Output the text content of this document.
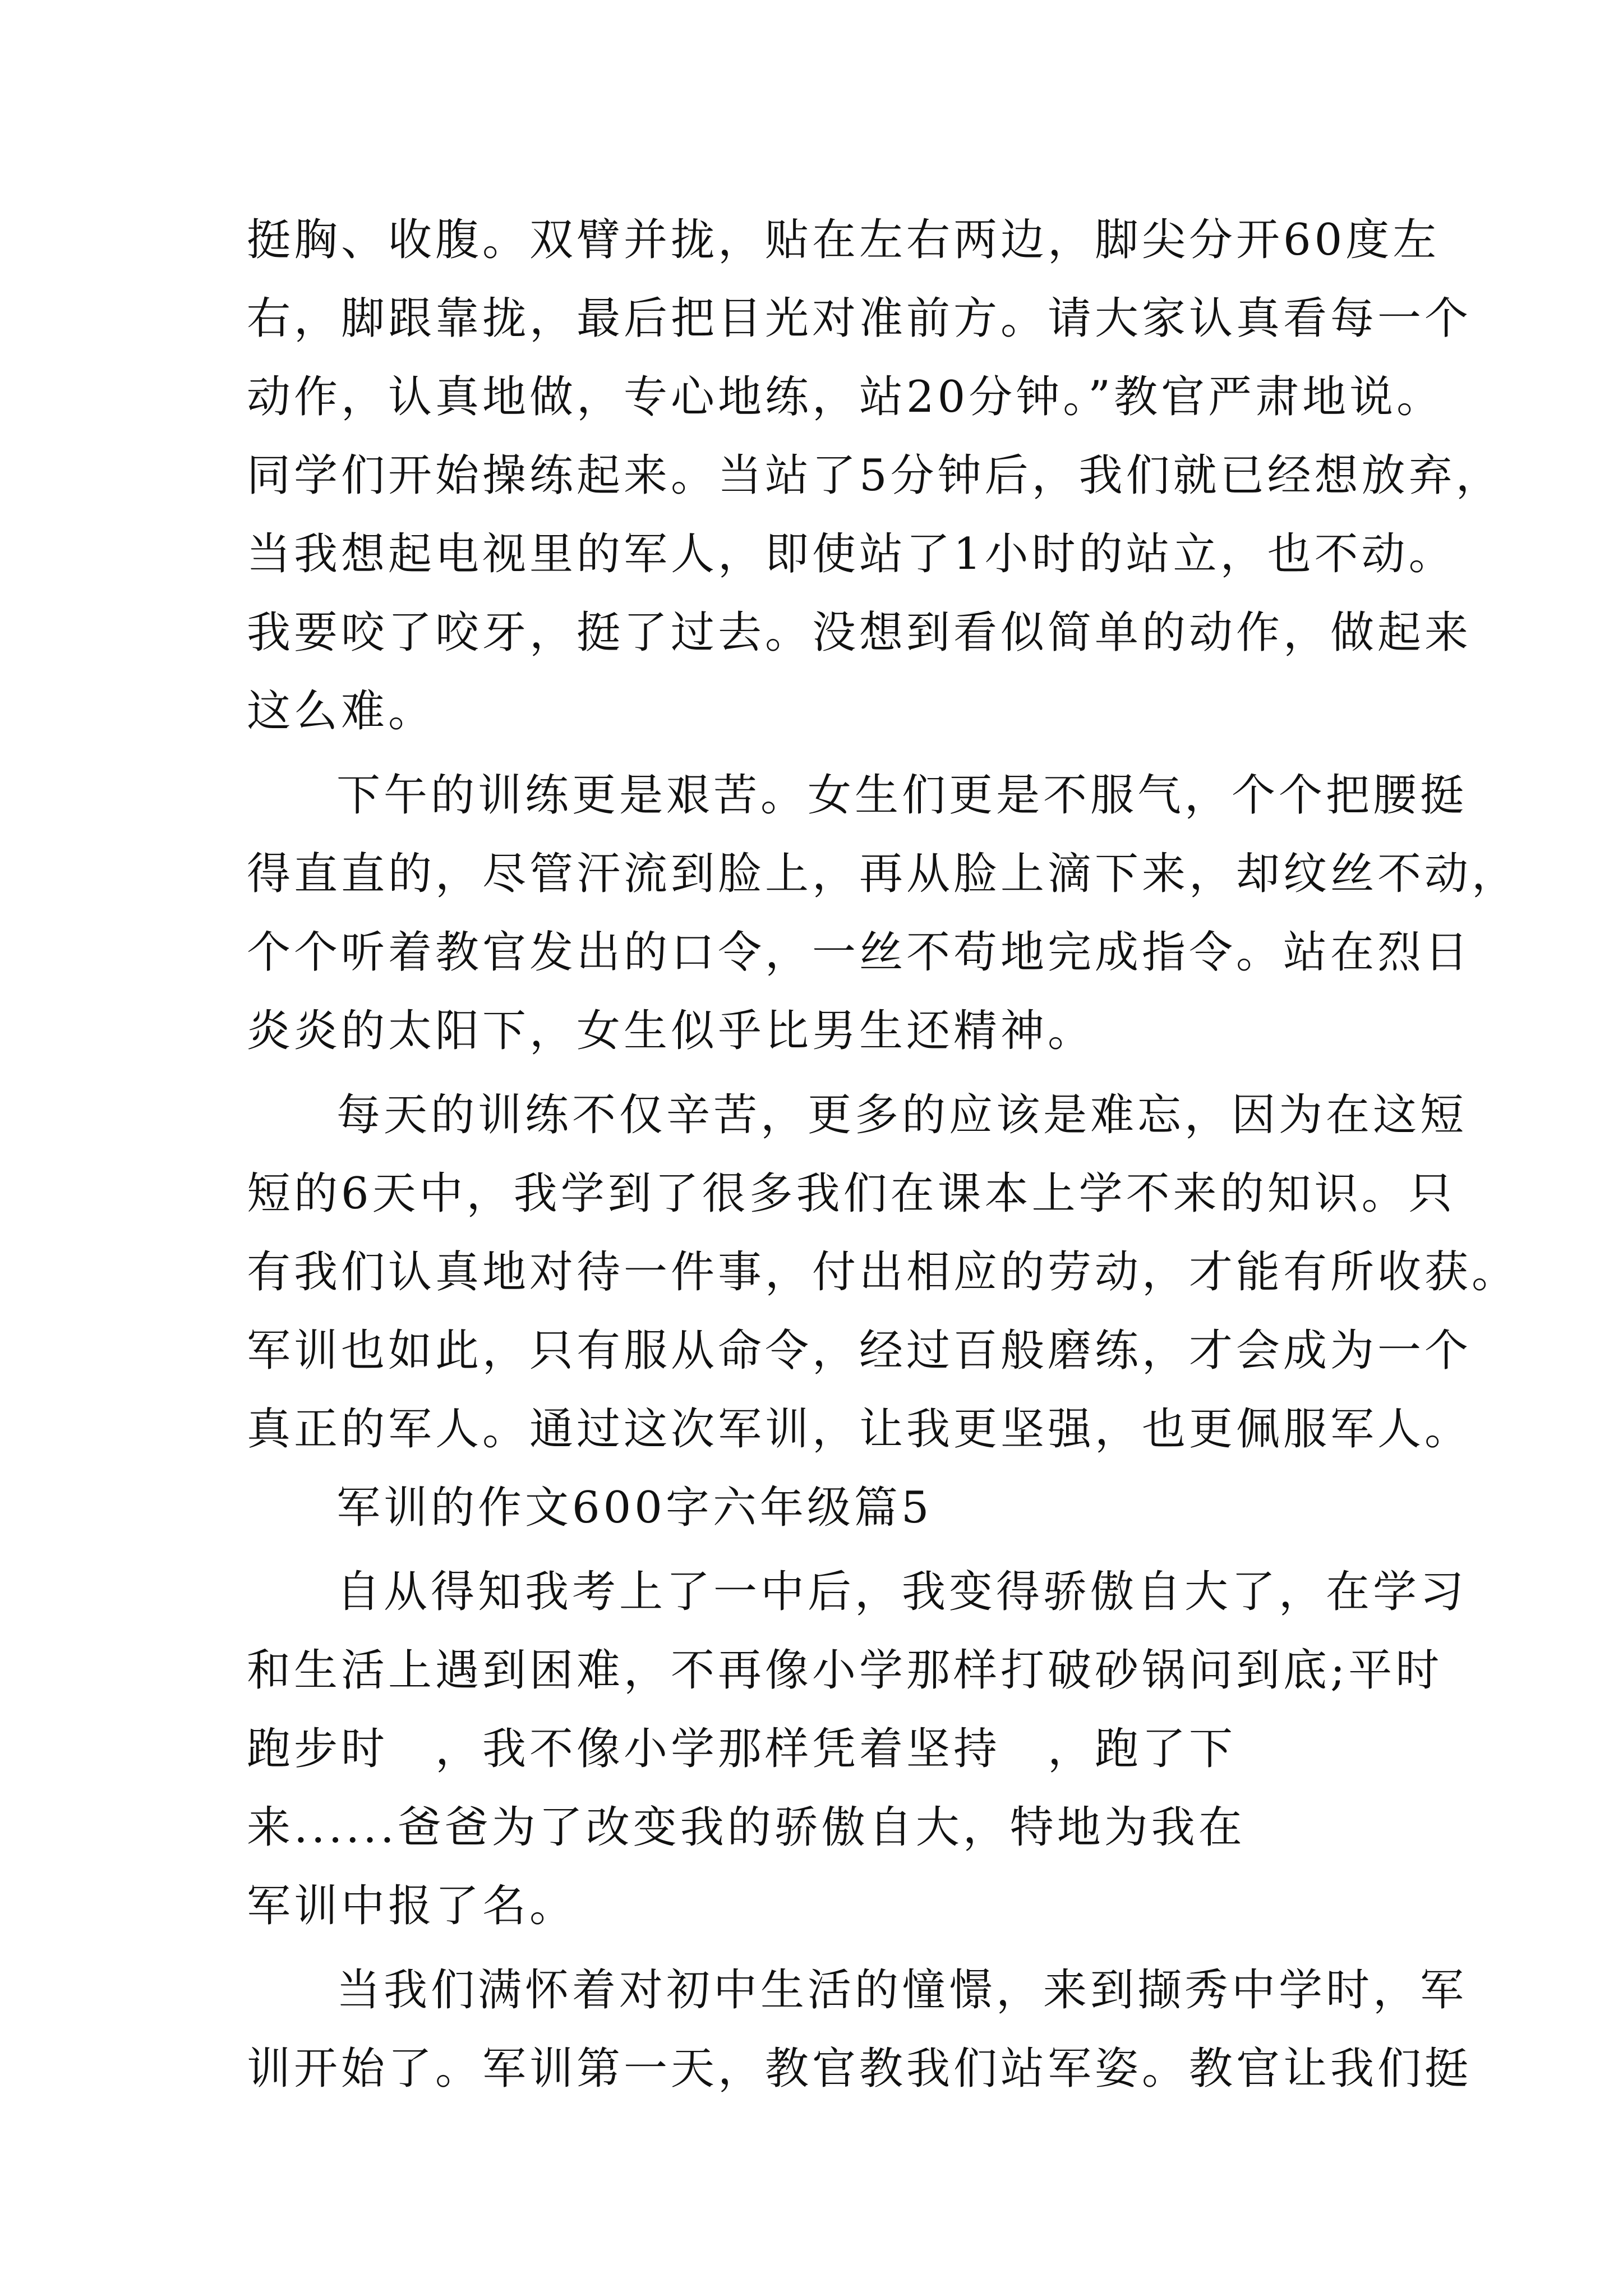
挺胸、收腹。双臂并拢，贴在左右两边，脚尖分开60度左
右，脚跟靠拢，最后把目光对准前方。请大家认真看每一个
动作，认真地做，专心地练，站20分钟。”教官严肃地说。
同学们开始操练起来。当站了5分钟后，我们就已经想放弃，
当我想起电视里的军人，即使站了1小时的站立，也不动。
我要咬了咬牙，挺了过去。没想到看似简单的动作，做起来
这么难。
下午的训练更是艰苦。女生们更是不服气，个个把腰挺
得直直的，尽管汗流到脸上，再从脸上滴下来，却纹丝不动，
个个听着教官发出的口令，一丝不苟地完成指令。站在烈日
炎炎的太阳下，女生似乎比男生还精神。
每天的训练不仅辛苦，更多的应该是难忘，因为在这短
短的6天中，我学到了很多我们在课本上学不来的知识。只
有我们认真地对待一件事，付出相应的劳动，才能有所收获。
军训也如此，只有服从命令，经过百般磨练，才会成为一个
真正的军人。通过这次军训，让我更坚强，也更佩服军人。
军训的作文600字六年级篇5
自从得知我考上了一中后，我变得骄傲自大了，在学习
和生活上遇到困难，不再像小学那样打破砂锅问到底;平时
跑步时　，我不像小学那样凭着坚持　，跑了下
来......爸爸为了改变我的骄傲自大，特地为我在
军训中报了名。
当我们满怀着对初中生活的憧憬，来到撷秀中学时，军
训开始了。军训第一天，教官教我们站军姿。教官让我们挺
